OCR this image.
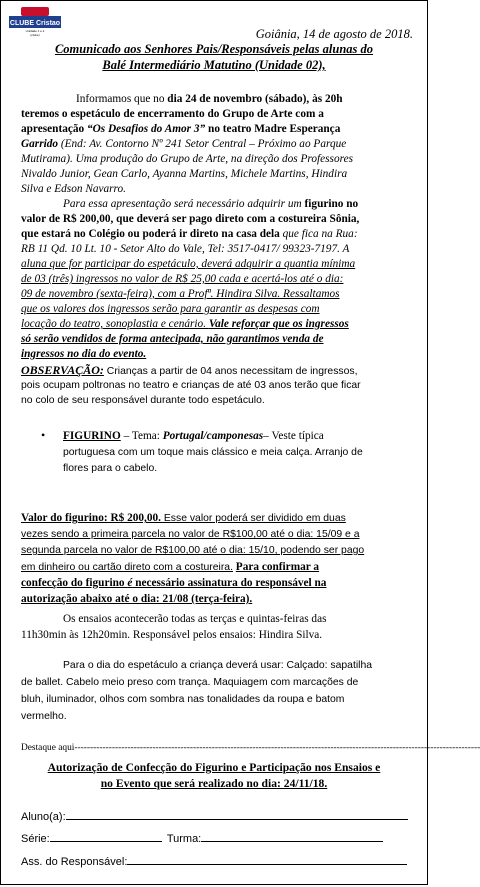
CLUBE Cristao
Unidade 1 e 2
(clube)	Goiânia, 14 de agosto de 2018.
Comunicado aos Senhores Pais/Responsáveis pelas alunas do
Balé Intermediário Matutino (Unidade 02),
Informamos que no dia 24 de novembro (sábado), às 20h
teremos o espetáculo de encerramento do Grupo de Arte com a
apresentação “Os Desafios do Amor 3” no teatro Madre Esperança
Garrido (End: Av. Contorno Nº 241 Setor Central – Próximo ao Parque
Mutirama). Uma produção do Grupo de Arte, na direção dos Professores
Nivaldo Junior, Gean Carlo, Ayanna Martins, Michele Martins, Hindira
Silva e Edson Navarro.
Para essa apresentação será necessário adquirir um figurino no
valor de R$ 200,00, que deverá ser pago direto com a costureira Sônia,
que estará no Colégio ou poderá ir direto na casa dela que fica na Rua:
RB 11 Qd. 10 Lt. 10 - Setor Alto do Vale, Tel: 3517-0417/ 99323-7197. A
aluna que for participar do espetáculo, deverá adquirir a quantia mínima
de 03 (três) ingressos no valor de R$ 25,00 cada e acertá-los até o dia:
09 de novembro (sexta-feira), com a Profª. Hindira Silva. Ressaltamos
que os valores dos ingressos serão para garantir as despesas com
locação do teatro, sonoplastia e cenário. Vale reforçar que os ingressos
só serão vendidos de forma antecipada, não garantimos venda de
ingressos no dia do evento.
OBSERVAÇÃO: Crianças a partir de 04 anos necessitam de ingressos,
pois ocupam poltronas no teatro e crianças de até 03 anos terão que ficar
no colo de seu responsável durante todo espetáculo.
• FIGURINO – Tema: Portugal/camponesas– Veste típica
portuguesa com um toque mais clássico e meia calça. Arranjo de
flores para o cabelo.
Valor do figurino: R$ 200,00. Esse valor poderá ser dividido em duas
vezes sendo a primeira parcela no valor de R$100,00 até o dia: 15/09 e a
segunda parcela no valor de R$100,00 até o dia: 15/10, podendo ser pago
em dinheiro ou cartão direto com a costureira. Para confirmar a
confecção do figurino é necessário assinatura do responsável na
autorização abaixo até o dia: 21/08 (terça-feira).
Os ensaios acontecerão todas as terças e quintas-feiras das
11h30min às 12h20min. Responsável pelos ensaios: Hindira Silva.
Para o dia do espetáculo a criança deverá usar: Calçado: sapatilha
de ballet. Cabelo meio preso com trança. Maquiagem com marcações de
bluh, iluminador, olhos com sombra nas tonalidades da roupa e batom
vermelho.
Destaque aqui----------------------------------------------------------------------------------------------------------------------------------
Autorização de Confecção do Figurino e Participação nos Ensaios e
no Evento que será realizado no dia: 24/11/18.
Aluno(a):
Série:	Turma:
Ass. do Responsável:
